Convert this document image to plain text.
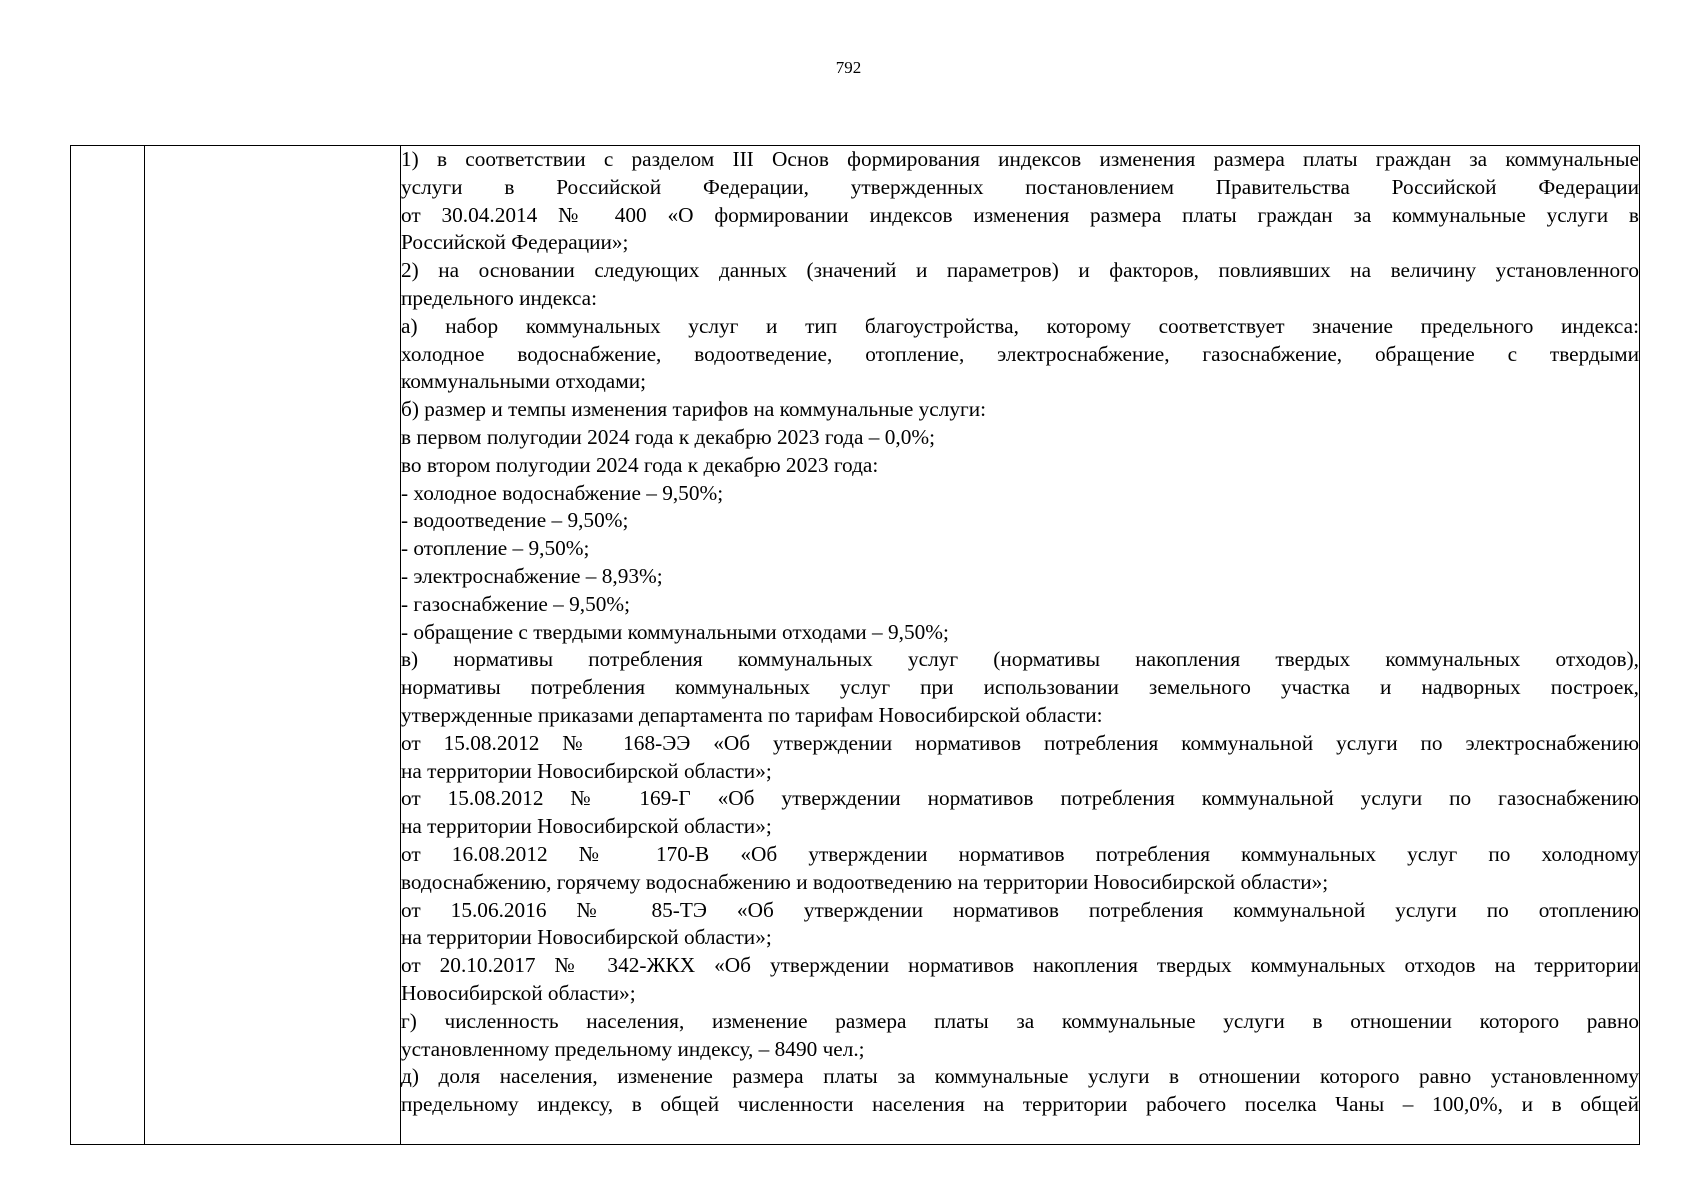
792

1) в соответствии с разделом III Основ формирования индексов изменения размера платы граждан за коммунальные
услуги в Российской Федерации, утвержденных постановлением Правительства Российской Федерации
от 30.04.2014 № 400 «О формировании индексов изменения размера платы граждан за коммунальные услуги в
Российской Федерации»;
2) на основании следующих данных (значений и параметров) и факторов, повлиявших на величину установленного
предельного индекса:
а) набор коммунальных услуг и тип благоустройства, которому соответствует значение предельного индекса:
холодное водоснабжение, водоотведение, отопление, электроснабжение, газоснабжение, обращение с твердыми
коммунальными отходами;
б) размер и темпы изменения тарифов на коммунальные услуги:
в первом полугодии 2024 года к декабрю 2023 года – 0,0%;
во втором полугодии 2024 года к декабрю 2023 года:
- холодное водоснабжение – 9,50%;
- водоотведение – 9,50%;
- отопление – 9,50%;
- электроснабжение – 8,93%;
- газоснабжение – 9,50%;
- обращение с твердыми коммунальными отходами – 9,50%;
в) нормативы потребления коммунальных услуг (нормативы накопления твердых коммунальных отходов),
нормативы потребления коммунальных услуг при использовании земельного участка и надворных построек,
утвержденные приказами департамента по тарифам Новосибирской области:
от 15.08.2012 № 168-ЭЭ «Об утверждении нормативов потребления коммунальной услуги по электроснабжению
на территории Новосибирской области»;
от 15.08.2012 № 169-Г «Об утверждении нормативов потребления коммунальной услуги по газоснабжению
на территории Новосибирской области»;
от 16.08.2012 № 170-В «Об утверждении нормативов потребления коммунальных услуг по холодному
водоснабжению, горячему водоснабжению и водоотведению на территории Новосибирской области»;
от 15.06.2016 № 85-ТЭ «Об утверждении нормативов потребления коммунальной услуги по отоплению
на территории Новосибирской области»;
от 20.10.2017 № 342-ЖКХ «Об утверждении нормативов накопления твердых коммунальных отходов на территории
Новосибирской области»;
г) численность населения, изменение размера платы за коммунальные услуги в отношении которого равно
установленному предельному индексу, – 8490 чел.;
д) доля населения, изменение размера платы за коммунальные услуги в отношении которого равно установленному
предельному индексу, в общей численности населения на территории рабочего поселка Чаны – 100,0%, и в общей
